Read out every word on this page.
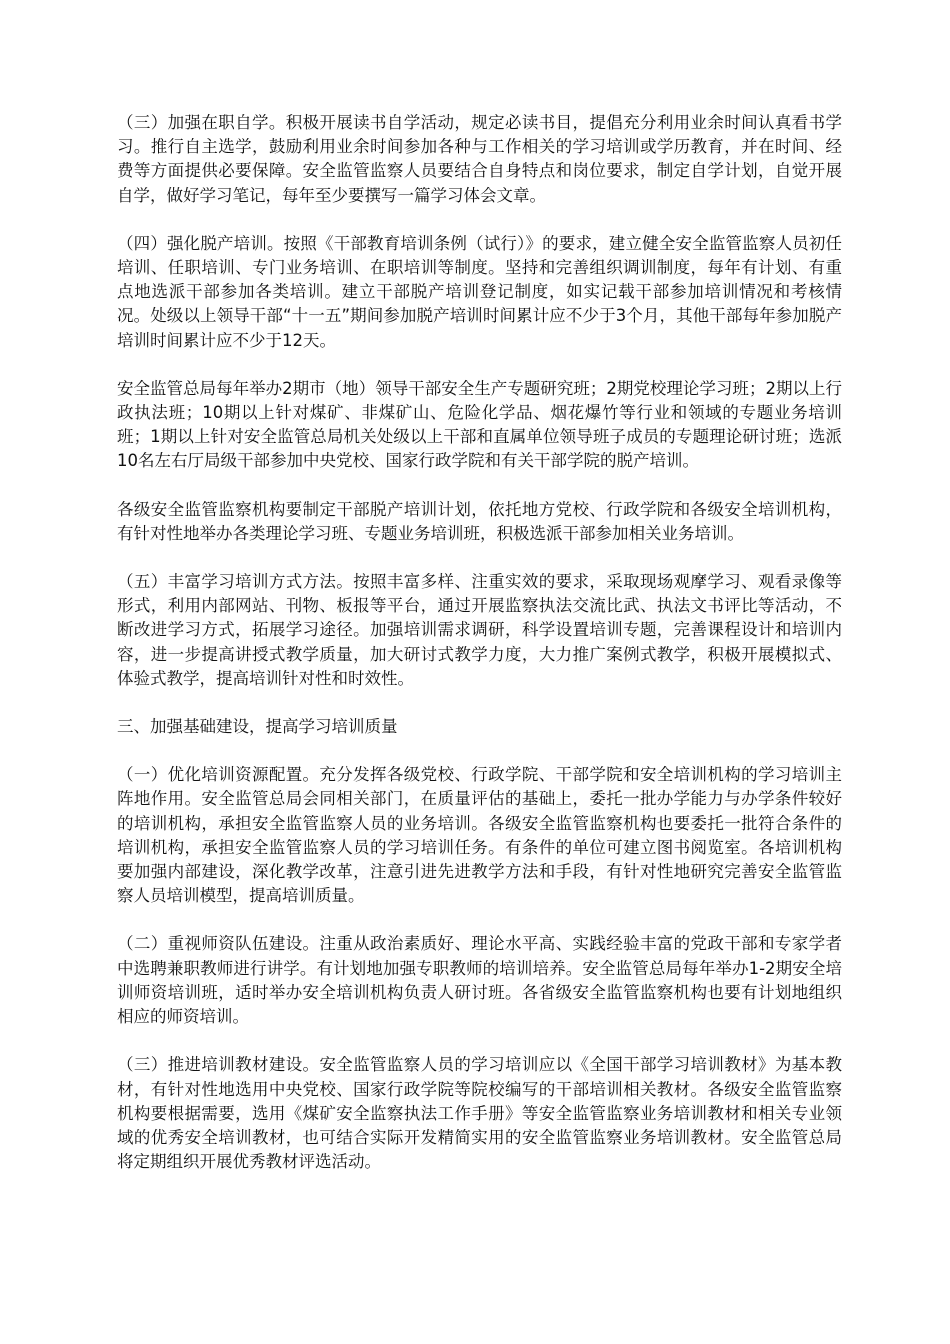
（三）加强在职自学。积极开展读书自学活动，规定必读书目，提倡充分利用业余时间认真看书学习。推行自主选学，鼓励利用业余时间参加各种与工作相关的学习培训或学历教育，并在时间、经费等方面提供必要保障。安全监管监察人员要结合自身特点和岗位要求，制定自学计划，自觉开展自学，做好学习笔记，每年至少要撰写一篇学习体会文章。

（四）强化脱产培训。按照《干部教育培训条例（试行）》的要求，建立健全安全监管监察人员初任培训、任职培训、专门业务培训、在职培训等制度。坚持和完善组织调训制度，每年有计划、有重点地选派干部参加各类培训。建立干部脱产培训登记制度，如实记载干部参加培训情况和考核情况。处级以上领导干部“十一五”期间参加脱产培训时间累计应不少于3个月，其他干部每年参加脱产培训时间累计应不少于12天。

安全监管总局每年举办2期市（地）领导干部安全生产专题研究班；2期党校理论学习班；2期以上行政执法班；10期以上针对煤矿、非煤矿山、危险化学品、烟花爆竹等行业和领域的专题业务培训班；1期以上针对安全监管总局机关处级以上干部和直属单位领导班子成员的专题理论研讨班；选派10名左右厅局级干部参加中央党校、国家行政学院和有关干部学院的脱产培训。

各级安全监管监察机构要制定干部脱产培训计划，依托地方党校、行政学院和各级安全培训机构，有针对性地举办各类理论学习班、专题业务培训班，积极选派干部参加相关业务培训。

（五）丰富学习培训方式方法。按照丰富多样、注重实效的要求，采取现场观摩学习、观看录像等形式，利用内部网站、刊物、板报等平台，通过开展监察执法交流比武、执法文书评比等活动，不断改进学习方式，拓展学习途径。加强培训需求调研，科学设置培训专题，完善课程设计和培训内容，进一步提高讲授式教学质量，加大研讨式教学力度，大力推广案例式教学，积极开展模拟式、体验式教学，提高培训针对性和时效性。

三、加强基础建设，提高学习培训质量

（一）优化培训资源配置。充分发挥各级党校、行政学院、干部学院和安全培训机构的学习培训主阵地作用。安全监管总局会同相关部门，在质量评估的基础上，委托一批办学能力与办学条件较好的培训机构，承担安全监管监察人员的业务培训。各级安全监管监察机构也要委托一批符合条件的培训机构，承担安全监管监察人员的学习培训任务。有条件的单位可建立图书阅览室。各培训机构要加强内部建设，深化教学改革，注意引进先进教学方法和手段，有针对性地研究完善安全监管监察人员培训模型，提高培训质量。

（二）重视师资队伍建设。注重从政治素质好、理论水平高、实践经验丰富的党政干部和专家学者中选聘兼职教师进行讲学。有计划地加强专职教师的培训培养。安全监管总局每年举办1-2期安全培训师资培训班，适时举办安全培训机构负责人研讨班。各省级安全监管监察机构也要有计划地组织相应的师资培训。

（三）推进培训教材建设。安全监管监察人员的学习培训应以《全国干部学习培训教材》为基本教材，有针对性地选用中央党校、国家行政学院等院校编写的干部培训相关教材。各级安全监管监察机构要根据需要，选用《煤矿安全监察执法工作手册》等安全监管监察业务培训教材和相关专业领域的优秀安全培训教材，也可结合实际开发精简实用的安全监管监察业务培训教材。安全监管总局将定期组织开展优秀教材评选活动。
